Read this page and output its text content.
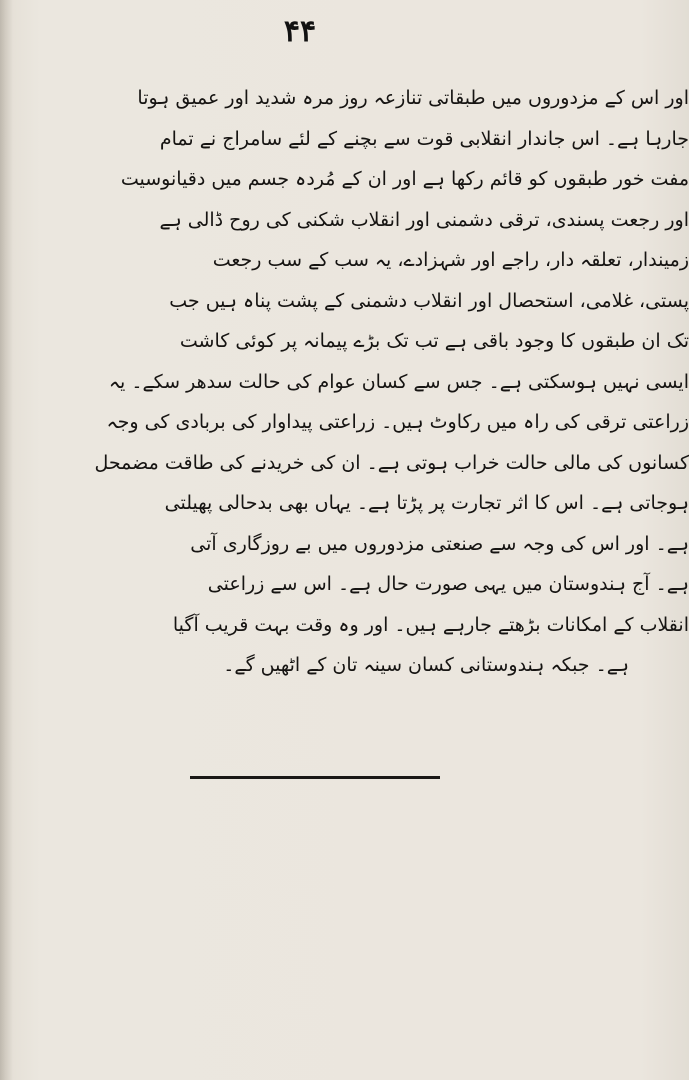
۴۴
اور اس کے مزدوروں میں طبقاتی تنازعہ روز مرہ شدید اور عمیق ہوتا
جارہا ہے۔ اس جاندار انقلابی قوت سے بچنے کے لئے سامراج نے تمام
مفت خور طبقوں کو قائم رکھا ہے اور ان کے مُردہ جسم میں دقیانوسیت
اور رجعت پسندی، ترقی دشمنی اور انقلاب شکنی کی روح ڈالی ہے
زمیندار، تعلقہ دار، راجے اور شہزادے، یہ سب کے سب رجعت
پستی، غلامی، استحصال اور انقلاب دشمنی کے پشت پناہ ہیں جب
تک ان طبقوں کا وجود باقی ہے تب تک بڑے پیمانہ پر کوئی کاشت
ایسی نہیں ہوسکتی ہے۔ جس سے کسان عوام کی حالت سدھر سکے۔ یہ
زراعتی ترقی کی راہ میں رکاوٹ ہیں۔ زراعتی پیداوار کی بربادی کی وجہ
کسانوں کی مالی حالت خراب ہوتی ہے۔ ان کی خریدنے کی طاقت مضمحل
ہوجاتی ہے۔ اس کا اثر تجارت پر پڑتا ہے۔ یہاں بھی بدحالی پھیلتی
ہے۔ اور اس کی وجہ سے صنعتی مزدوروں میں بے روزگاری آتی
ہے۔ آج ہندوستان میں یہی صورت حال ہے۔ اس سے زراعتی
انقلاب کے امکانات بڑھتے جارہے ہیں۔ اور وہ وقت بہت قریب آگیا
ہے۔ جبکہ ہندوستانی کسان سینہ تان کے اٹھیں گے۔
